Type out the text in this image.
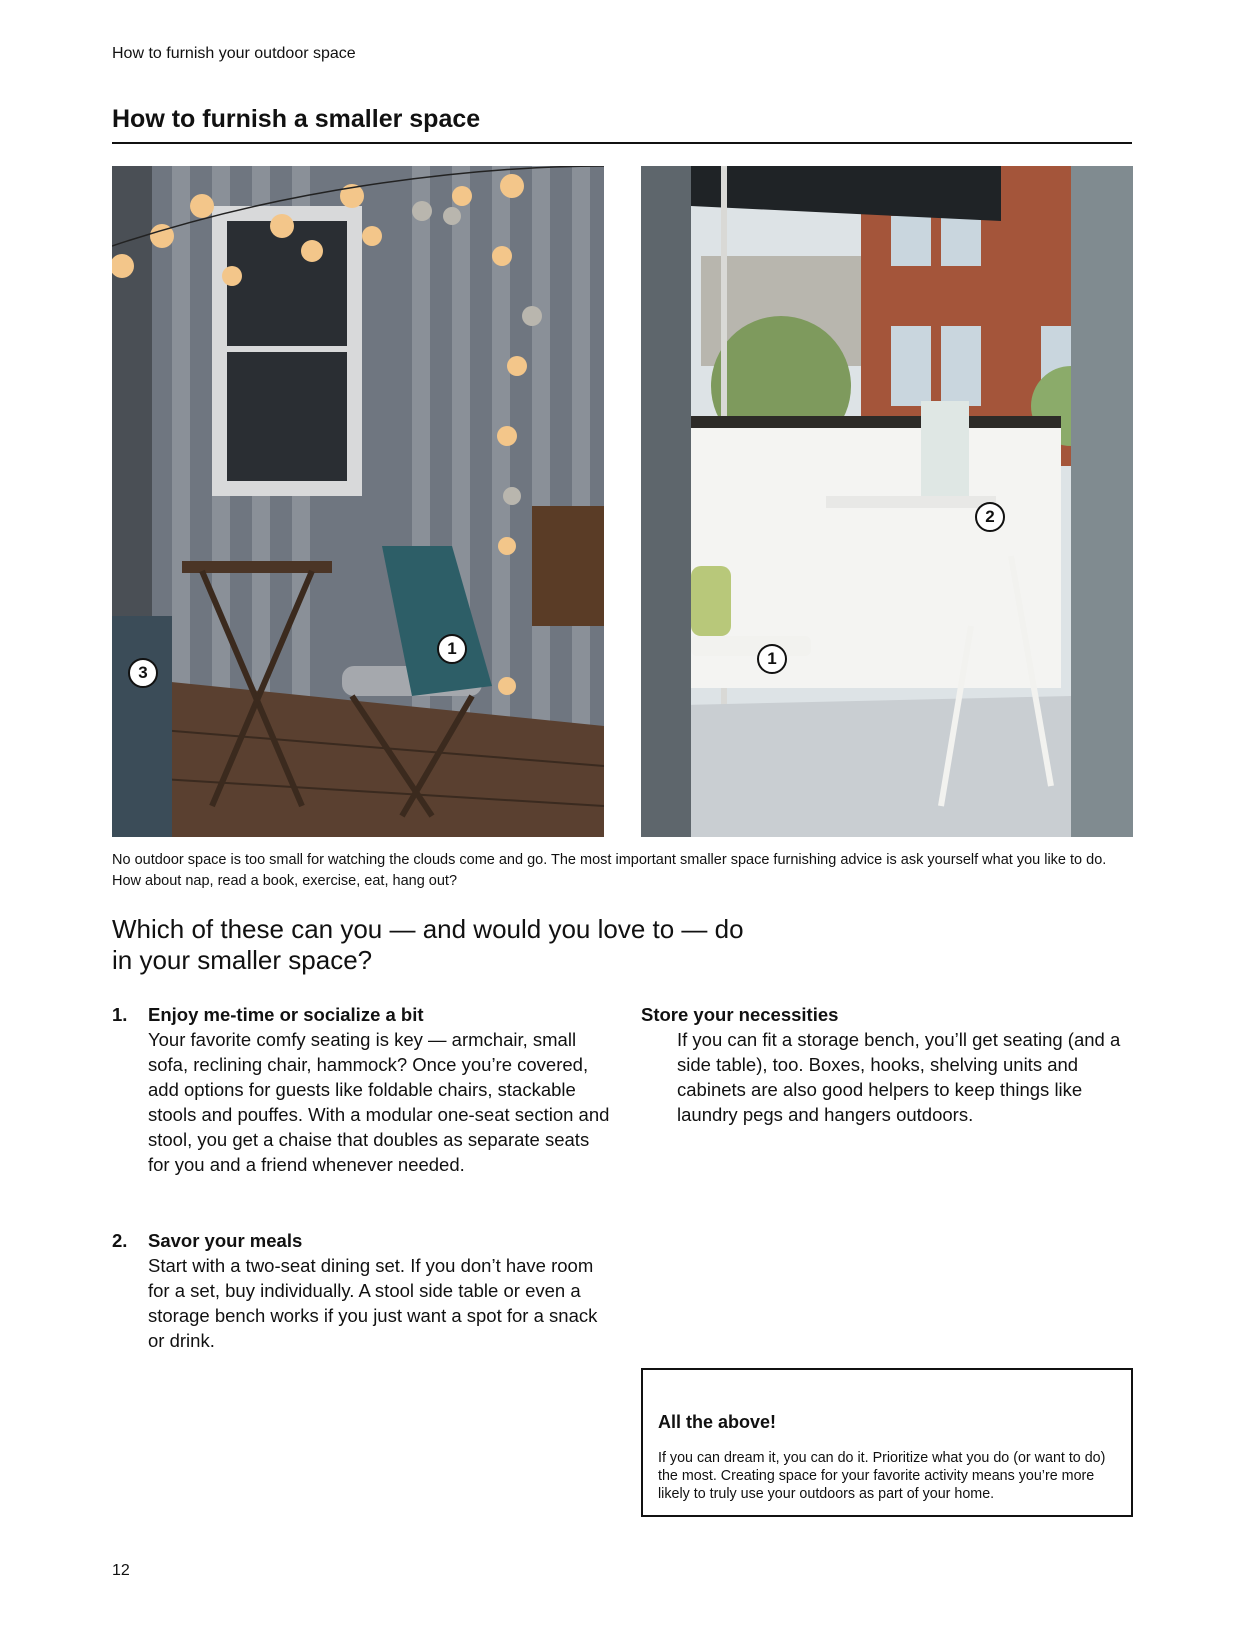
How to furnish your outdoor space
How to furnish a smaller space
1
3
2
1
No outdoor space is too small for watching the clouds come and go. The most important smaller space furnishing advice is ask yourself what you like to do. How about nap, read a book, exercise, eat, hang out?
Which of these can you — and would you love to — do in your smaller space?
1. Enjoy me-time or socialize a bit
Your favorite comfy seating is key — armchair, small sofa, reclining chair, hammock? Once you’re covered, add options for guests like foldable chairs, stackable stools and pouffes. With a modular one-seat section and stool, you get a chaise that doubles as separate seats for you and a friend whenever needed.
2. Savor your meals
Start with a two-seat dining set. If you don’t have room for a set, buy individually. A stool side table or even a storage bench works if you just want a spot for a snack or drink.
Store your necessities
If you can fit a storage bench, you’ll get seating (and a side table), too. Boxes, hooks, shelving units and cabinets are also good helpers to keep things like laundry pegs and hangers outdoors.
All the above!
If you can dream it, you can do it. Prioritize what you do (or want to do) the most. Creating space for your favorite activity means you’re more likely to truly use your outdoors as part of your home.
12
